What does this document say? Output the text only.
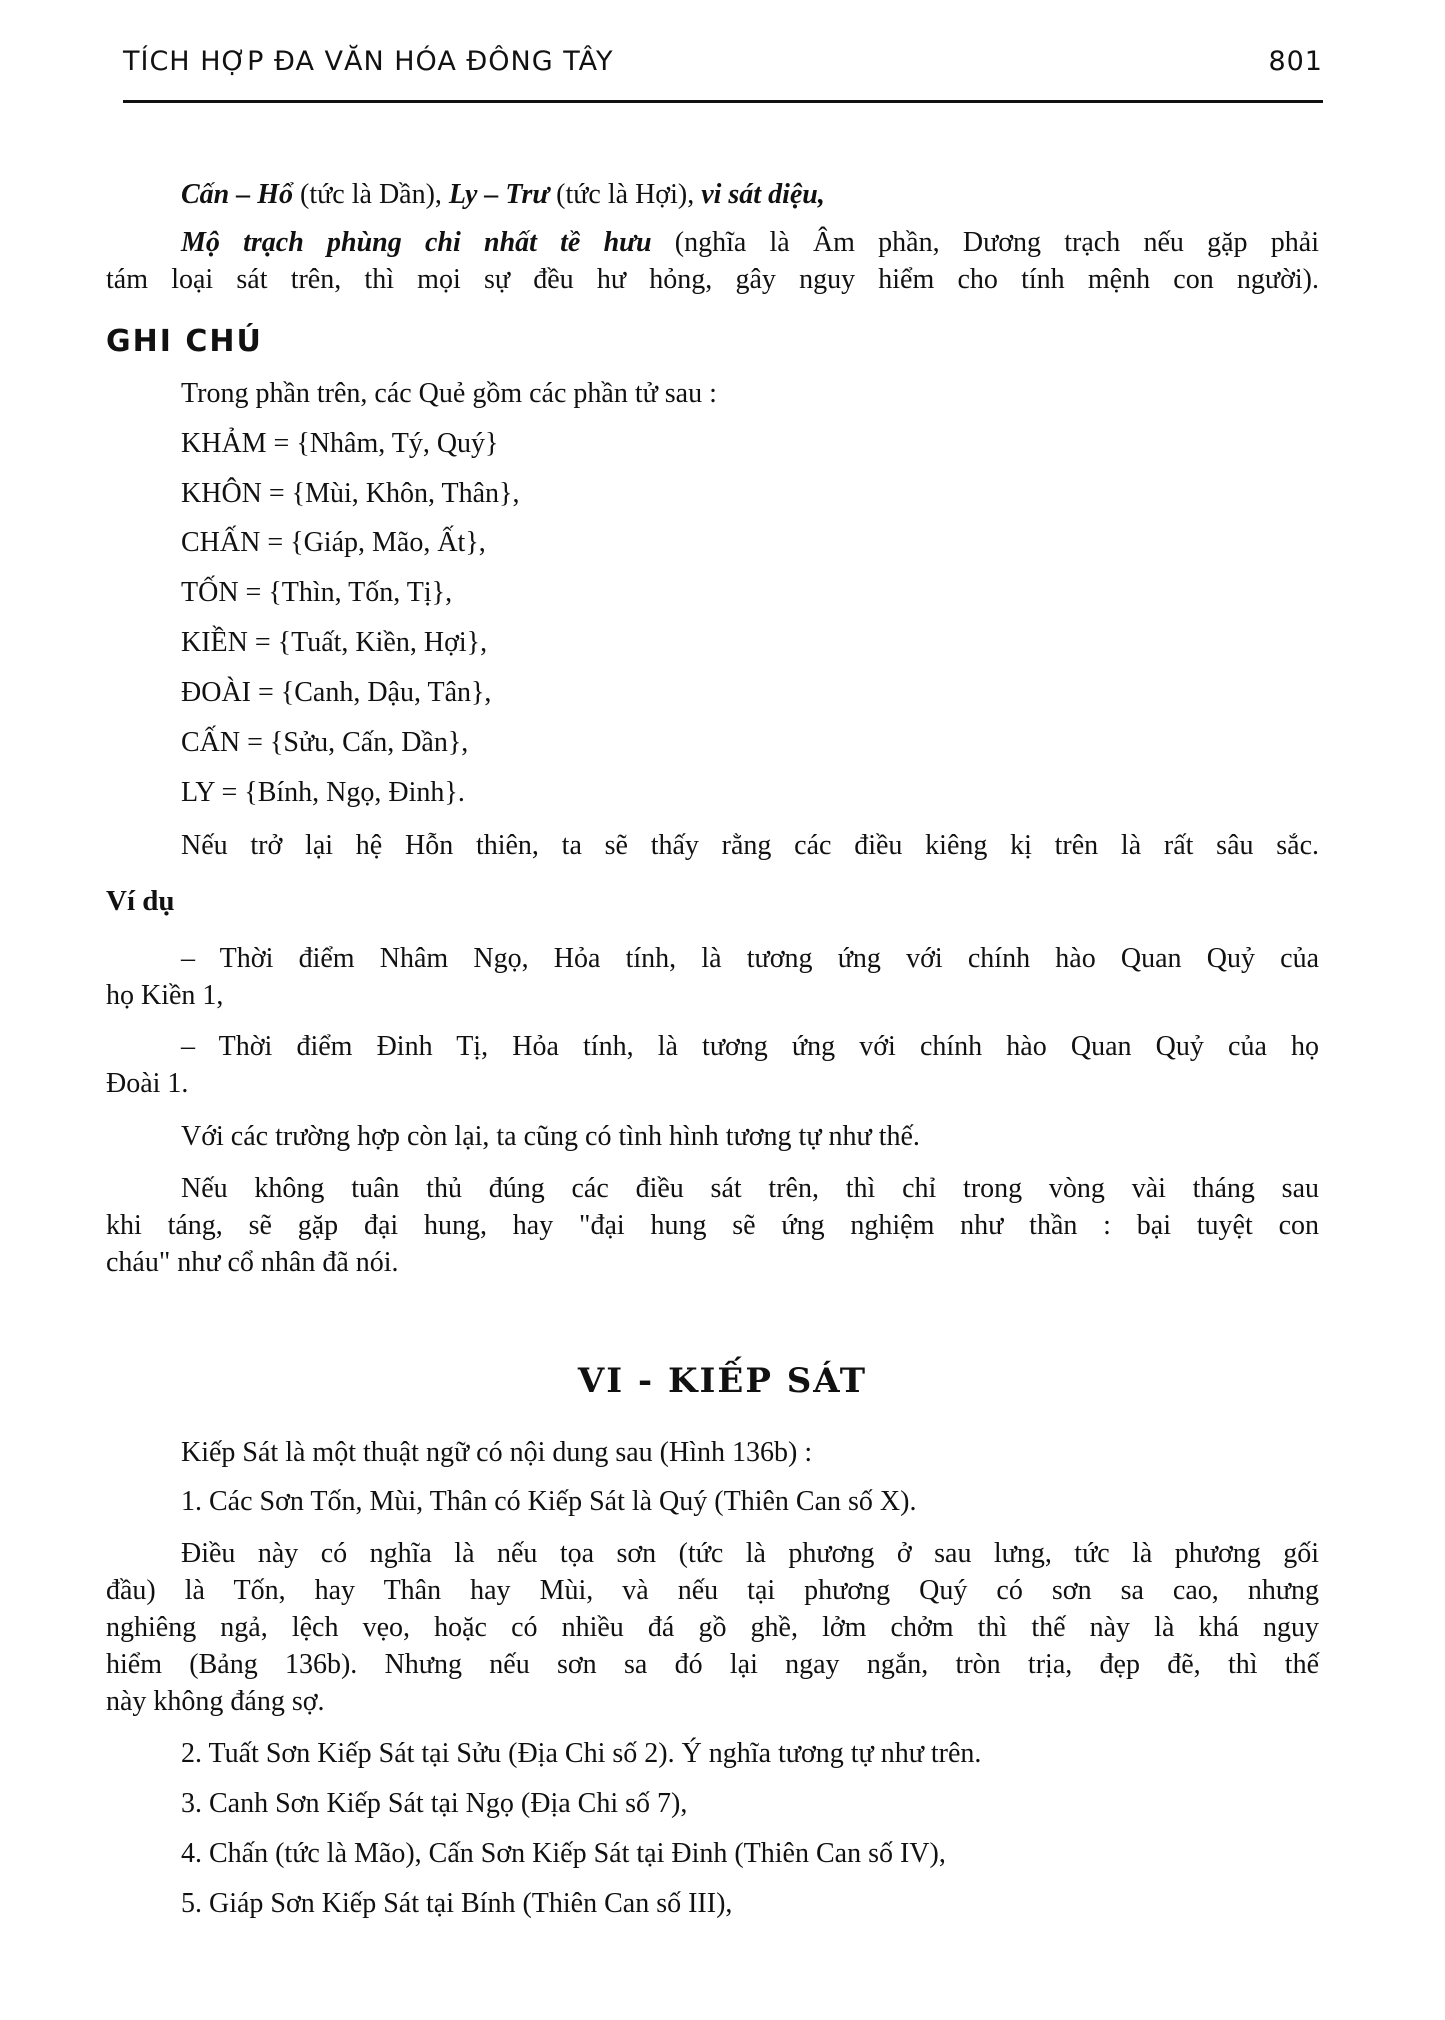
TÍCH HỢP ĐA VĂN HÓA ĐÔNG TÂY	801
Cấn – Hổ (tức là Dần), Ly – Trư (tức là Hợi), vi sát diệu,
Mộ trạch phùng chi nhất tề hưu (nghĩa là Âm phần, Dương trạch nếu gặp phải
tám loại sát trên, thì mọi sự đều hư hỏng, gây nguy hiểm cho tính mệnh con người).
GHI CHÚ
Trong phần trên, các Quẻ gồm các phần tử sau :
KHẢM = {Nhâm, Tý, Quý}
KHÔN = {Mùi, Khôn, Thân},
CHẤN = {Giáp, Mão, Ất},
TỐN = {Thìn, Tốn, Tị},
KIỀN = {Tuất, Kiền, Hợi},
ĐOÀI = {Canh, Dậu, Tân},
CẤN = {Sửu, Cấn, Dần},
LY = {Bính, Ngọ, Đinh}.
Nếu trở lại hệ Hỗn thiên, ta sẽ thấy rằng các điều kiêng kị trên là rất sâu sắc.
Ví dụ
– Thời điểm Nhâm Ngọ, Hỏa tính, là tương ứng với chính hào Quan Quỷ của
họ Kiền 1,
– Thời điểm Đinh Tị, Hỏa tính, là tương ứng với chính hào Quan Quỷ của họ
Đoài 1.
Với các trường hợp còn lại, ta cũng có tình hình tương tự như thế.
Nếu không tuân thủ đúng các điều sát trên, thì chỉ trong vòng vài tháng sau
khi táng, sẽ gặp đại hung, hay "đại hung sẽ ứng nghiệm như thần : bại tuyệt con
cháu" như cổ nhân đã nói.
VI - KIẾP SÁT
Kiếp Sát là một thuật ngữ có nội dung sau (Hình 136b) :
1. Các Sơn Tốn, Mùi, Thân có Kiếp Sát là Quý (Thiên Can số X).
Điều này có nghĩa là nếu tọa sơn (tức là phương ở sau lưng, tức là phương gối
đầu) là Tốn, hay Thân hay Mùi, và nếu tại phương Quý có sơn sa cao, nhưng
nghiêng ngả, lệch vẹo, hoặc có nhiều đá gồ ghề, lởm chởm thì thế này là khá nguy
hiểm (Bảng 136b). Nhưng nếu sơn sa đó lại ngay ngắn, tròn trịa, đẹp đẽ, thì thế
này không đáng sợ.
2. Tuất Sơn Kiếp Sát tại Sửu (Địa Chi số 2). Ý nghĩa tương tự như trên.
3. Canh Sơn Kiếp Sát tại Ngọ (Địa Chi số 7),
4. Chấn (tức là Mão), Cấn Sơn Kiếp Sát tại Đinh (Thiên Can số IV),
5. Giáp Sơn Kiếp Sát tại Bính (Thiên Can số III),
